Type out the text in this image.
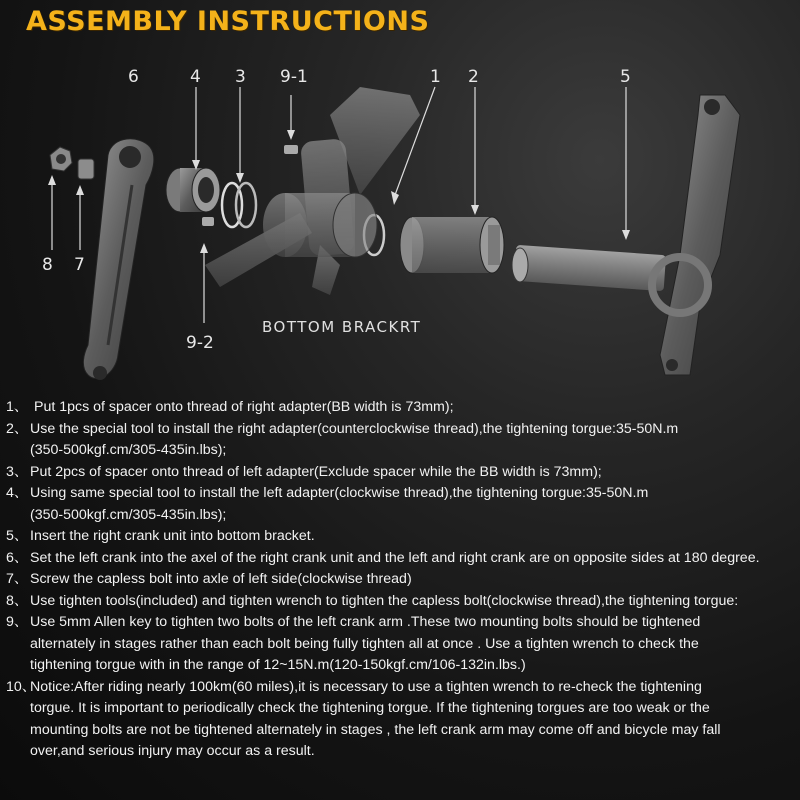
ASSEMBLY INSTRUCTIONS
6	4 3 9-1	1 2	5
8 7
9-2
BOTTOM BRACKRT
1、 Put 1pcs of spacer onto thread of right adapter(BB width is 73mm);
2、 Use the special tool to install the right adapter(counterclockwise thread),the tightening torgue:35-50N.m
(350-500kgf.cm/305-435in.lbs);
3、 Put 2pcs of spacer onto thread of left adapter(Exclude spacer while the BB width is 73mm);
4、 Using same special tool to install the left adapter(clockwise thread),the tightening torgue:35-50N.m
(350-500kgf.cm/305-435in.lbs);
5、 Insert the right crank unit into bottom bracket.
6、 Set the left crank into the axel of the right crank unit and the left and right crank are on opposite sides at 180 degree.
7、 Screw the capless bolt into axle of left side(clockwise thread)
8、 Use tighten tools(included) and tighten wrench to tighten the capless bolt(clockwise thread),the tightening torgue:
9、 Use 5mm Allen key to tighten two bolts of the left crank arm .These two mounting bolts should be tightened
alternately in stages rather than each bolt being fully tighten all at once . Use a tighten wrench to check the
tightening torgue with in the range of 12~15N.m(120-150kgf.cm/106-132in.lbs.)
10、
Notice:After riding nearly 100km(60 miles),it is necessary to use a tighten wrench to re-check the tightening
torgue. It is important to periodically check the tightening torgue. If the tightening torgues are too weak or the
mounting bolts are not be tightened alternately in stages , the left crank arm may come off and bicycle may fall
over,and serious injury may occur as a result.
